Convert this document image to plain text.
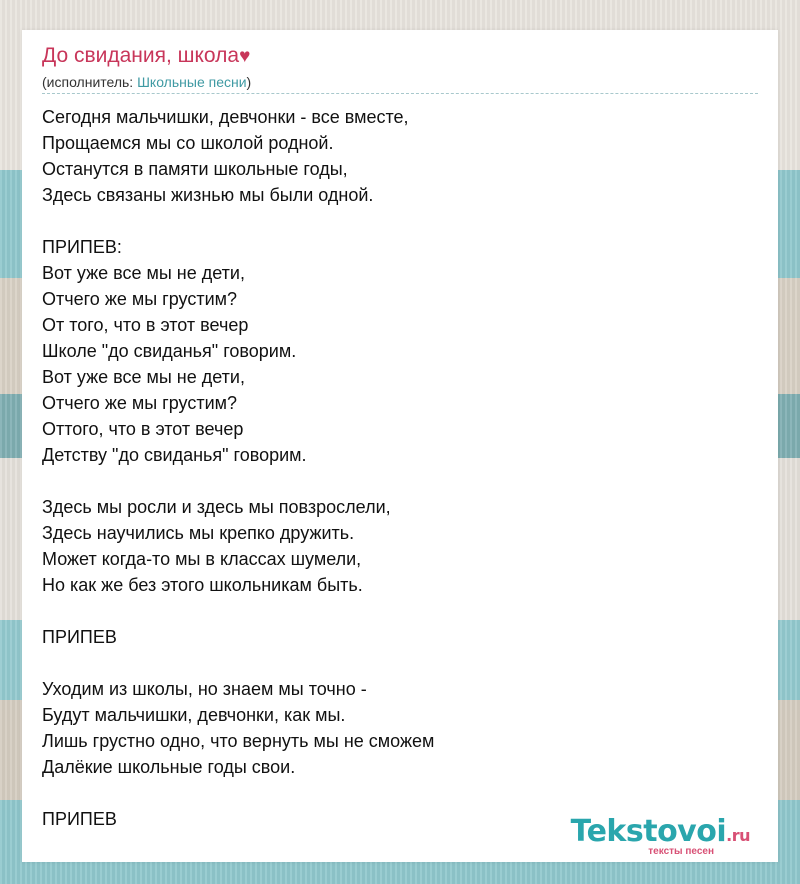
До свидания, школа♥
(исполнитель: Школьные песни)
Сегодня мальчишки, девчонки - все вместе,
Прощаемся мы со школой родной.
Останутся в памяти школьные годы,
Здесь связаны жизнью мы были одной.
ПРИПЕВ:
Вот уже все мы не дети,
Отчего же мы грустим?
От того, что в этот вечер
Школе "до свиданья" говорим.
Вот уже все мы не дети,
Отчего же мы грустим?
Оттого, что в этот вечер
Детству "до свиданья" говорим.
Здесь мы росли и здесь мы повзрослели,
Здесь научились мы крепко дружить.
Может когда-то мы в классах шумели,
Но как же без этого школьникам быть.
ПРИПЕВ
Уходим из школы, но знаем мы точно -
Будут мальчишки, девчонки, как мы.
Лишь грустно одно, что вернуть мы не сможем
Далёкие школьные годы свои.
ПРИПЕВ	Tekstovoi.ru
тексты песен
